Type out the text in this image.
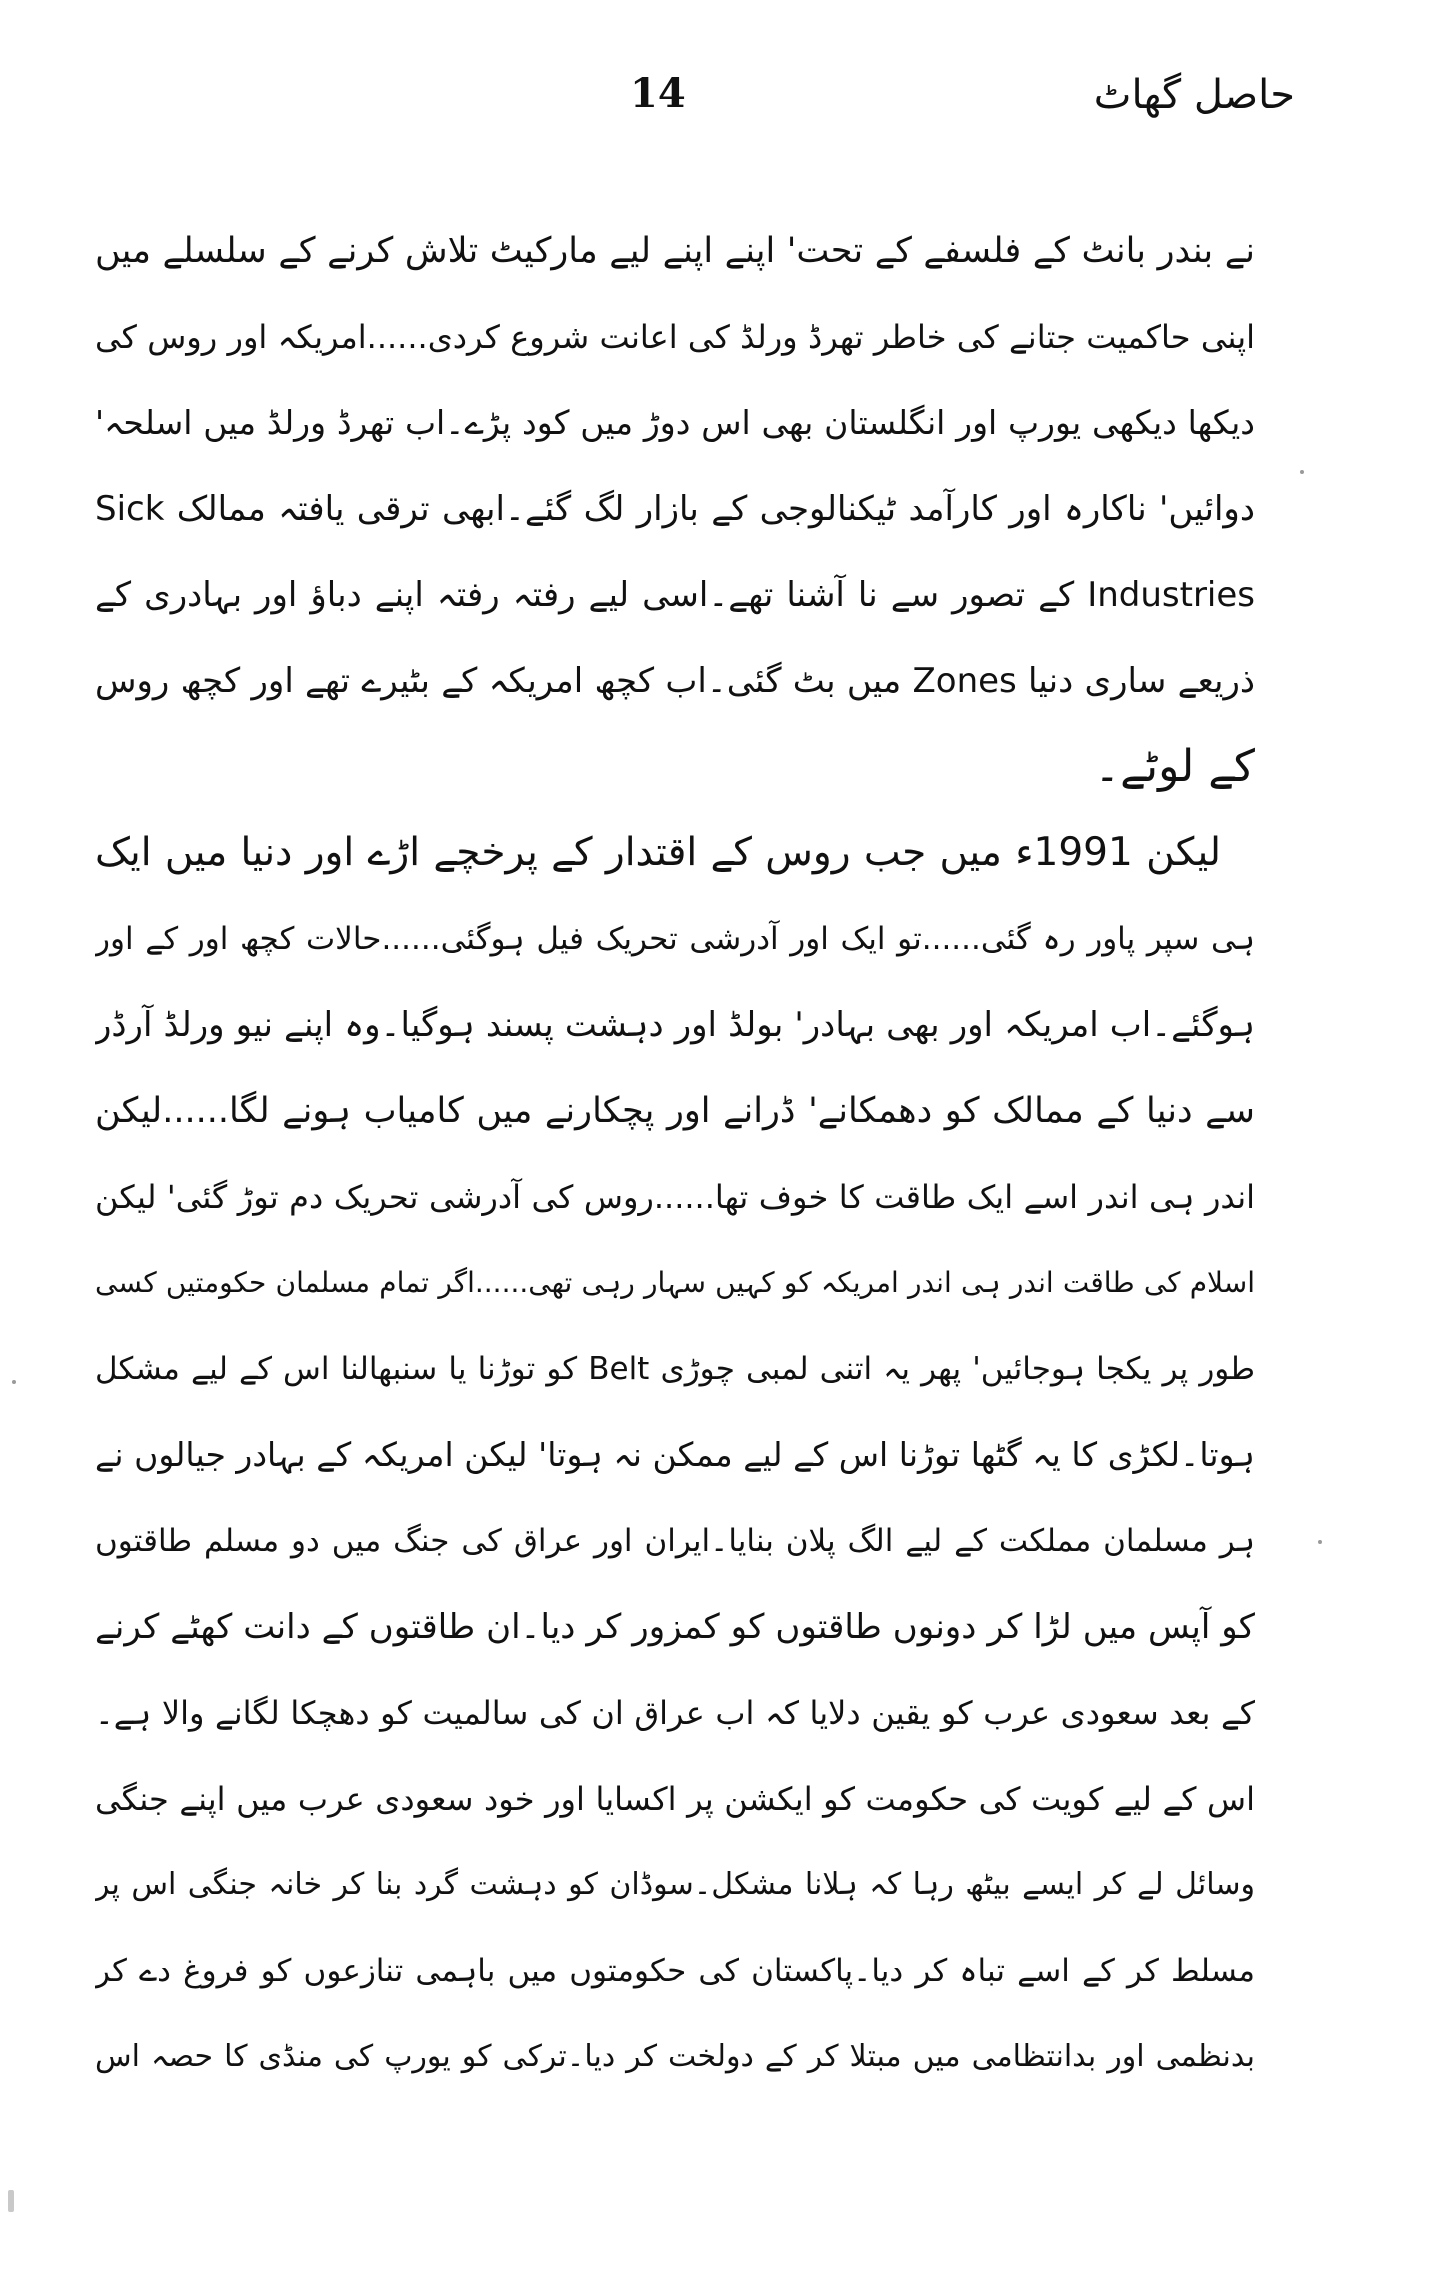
حاصل گھاٹ
14
نے بندر بانٹ کے فلسفے کے تحت' اپنے اپنے لیے مارکیٹ تلاش کرنے کے سلسلے میں
اپنی حاکمیت جتانے کی خاطر تھرڈ ورلڈ کی اعانت شروع کردی......امریکہ اور روس کی
دیکھا دیکھی یورپ اور انگلستان بھی اس دوڑ میں کود پڑے۔اب تھرڈ ورلڈ میں اسلحہ'
دوائیں' ناکارہ اور کارآمد ٹیکنالوجی کے بازار لگ گئے۔ابھی ترقی یافتہ ممالک Sick
Industries کے تصور سے نا آشنا تھے۔اسی لیے رفتہ رفتہ اپنے دباؤ اور بہادری کے
ذریعے ساری دنیا Zones میں بٹ گئی۔اب کچھ امریکہ کے بٹیرے تھے اور کچھ روس
کے لوٹے۔
لیکن 1991ء میں جب روس کے اقتدار کے پرخچے اڑے اور دنیا میں ایک
ہی سپر پاور رہ گئی......تو ایک اور آدرشی تحریک فیل ہوگئی......حالات کچھ اور کے اور
ہوگئے۔اب امریکہ اور بھی بہادر' بولڈ اور دہشت پسند ہوگیا۔وہ اپنے نیو ورلڈ آرڈر
سے دنیا کے ممالک کو دھمکانے' ڈرانے اور پچکارنے میں کامیاب ہونے لگا......لیکن
اندر ہی اندر اسے ایک طاقت کا خوف تھا......روس کی آدرشی تحریک دم توڑ گئی' لیکن
اسلام کی طاقت اندر ہی اندر امریکہ کو کہیں سہار رہی تھی......اگر تمام مسلمان حکومتیں کسی
طور پر یکجا ہوجائیں' پھر یہ اتنی لمبی چوڑی Belt کو توڑنا یا سنبھالنا اس کے لیے مشکل
ہوتا۔لکڑی کا یہ گٹھا توڑنا اس کے لیے ممکن نہ ہوتا' لیکن امریکہ کے بہادر جیالوں نے
ہر مسلمان مملکت کے لیے الگ پلان بنایا۔ایران اور عراق کی جنگ میں دو مسلم طاقتوں
کو آپس میں لڑا کر دونوں طاقتوں کو کمزور کر دیا۔ان طاقتوں کے دانت کھٹے کرنے
کے بعد سعودی عرب کو یقین دلایا کہ اب عراق ان کی سالمیت کو دھچکا لگانے والا ہے۔
اس کے لیے کویت کی حکومت کو ایکشن پر اکسایا اور خود سعودی عرب میں اپنے جنگی
وسائل لے کر ایسے بیٹھ رہا کہ ہلانا مشکل۔سوڈان کو دہشت گرد بنا کر خانہ جنگی اس پر
مسلط کر کے اسے تباہ کر دیا۔پاکستان کی حکومتوں میں باہمی تنازعوں کو فروغ دے کر
بدنظمی اور بدانتظامی میں مبتلا کر کے دولخت کر دیا۔ترکی کو یورپ کی منڈی کا حصہ اس
